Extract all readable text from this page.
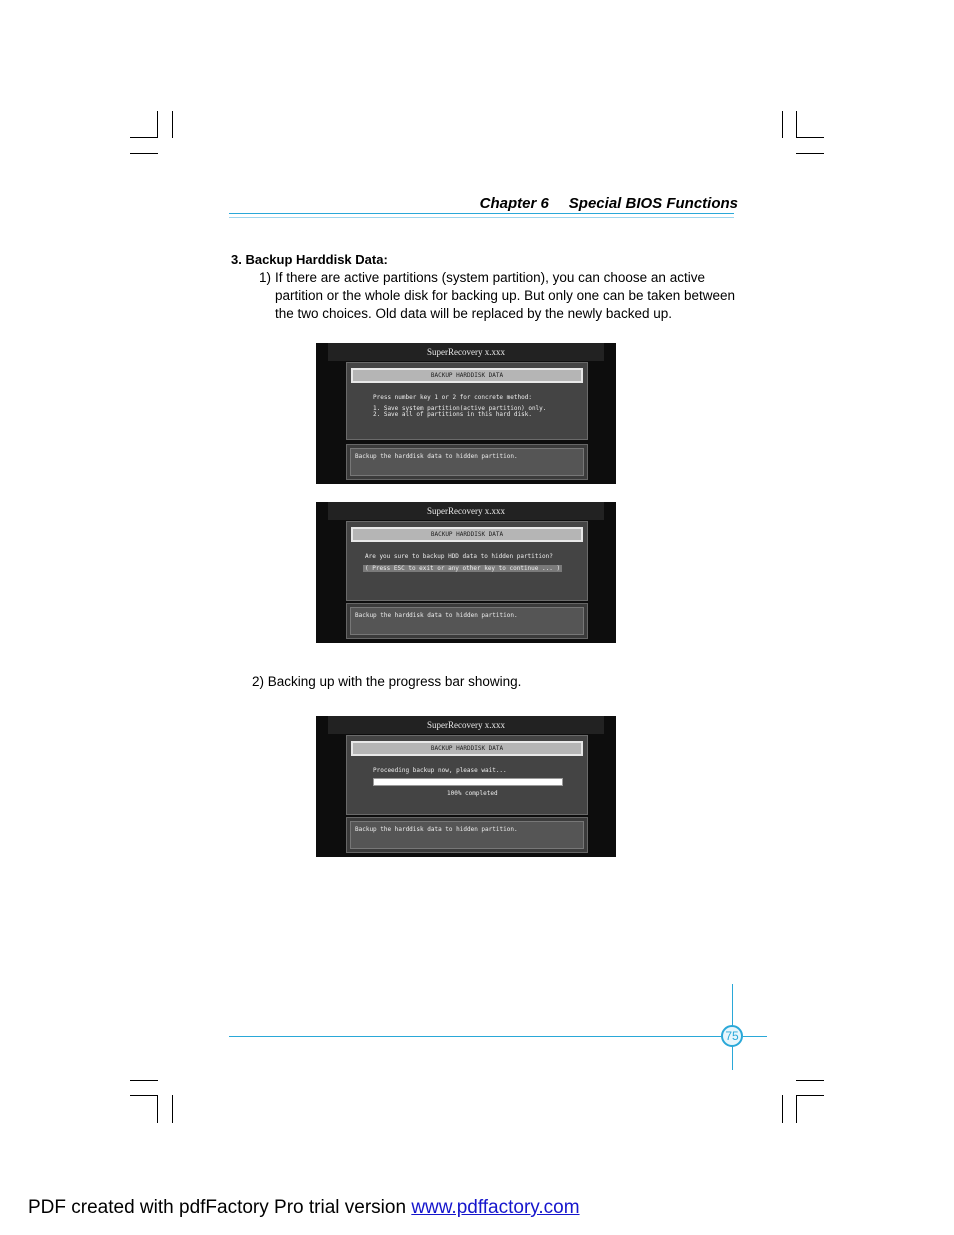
Chapter 6 Special BIOS Functions
3. Backup Harddisk Data:
1) If there are active partitions (system partition), you can choose an active partition or the whole disk for backing up. But only one can be taken between the two choices. Old data will be replaced by the newly backed up.
SuperRecovery x.xxx
BACKUP HARDDISK DATA
Press number key 1 or 2 for concrete method:
1. Save system partition(active partition) only.
2. Save all of partitions in this hard disk.
Backup the harddisk data to hidden partition.
SuperRecovery x.xxx
BACKUP HARDDISK DATA
Are you sure to backup HDD data to hidden partition?
( Press ESC to exit or any other key to continue ... )
Backup the harddisk data to hidden partition.
2) Backing up with the progress bar showing.
SuperRecovery x.xxx
BACKUP HARDDISK DATA
Proceeding backup now, please wait...
100% completed
Backup the harddisk data to hidden partition.
75
PDF created with pdfFactory Pro trial version www.pdffactory.com
